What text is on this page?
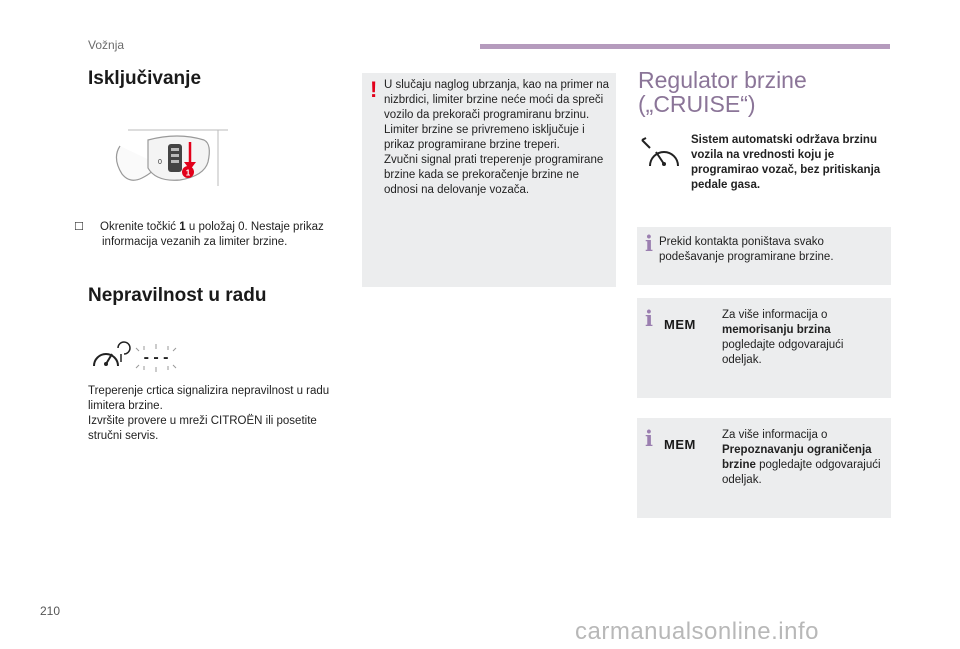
Vožnja
Isključivanje
1
0
☐ Okrenite točkić 1 u položaj 0. Nestaje prikaz informacija vezanih za limiter brzine.
Nepravilnost u radu
- - -
Treperenje crtica signalizira nepravilnost u radu limitera brzine.
Izvršite provere u mreži CITROËN ili posetite stručni servis.
! U slučaju naglog ubrzanja, kao na primer na nizbrdici, limiter brzine neće moći da spreči vozilo da prekorači programiranu brzinu.
Limiter brzine se privremeno isključuje i prikaz programirane brzine treperi.
Zvučni signal prati treperenje programirane brzine kada se prekoračenje brzine ne odnosi na delovanje vozača.
Regulator brzine („CRUISE“)
Sistem automatski održava brzinu vozila na vrednosti koju je programirao vozač, bez pritiskanja pedale gasa.
i Prekid kontakta poništava svako podešavanje programirane brzine.
i MEM
Za više informacija o memorisanju brzina pogledajte odgovarajući odeljak.
i MEM
Za više informacija o Prepoznavanju ograničenja brzine pogledajte odgovarajući odeljak.
210
carmanualsonline.info
